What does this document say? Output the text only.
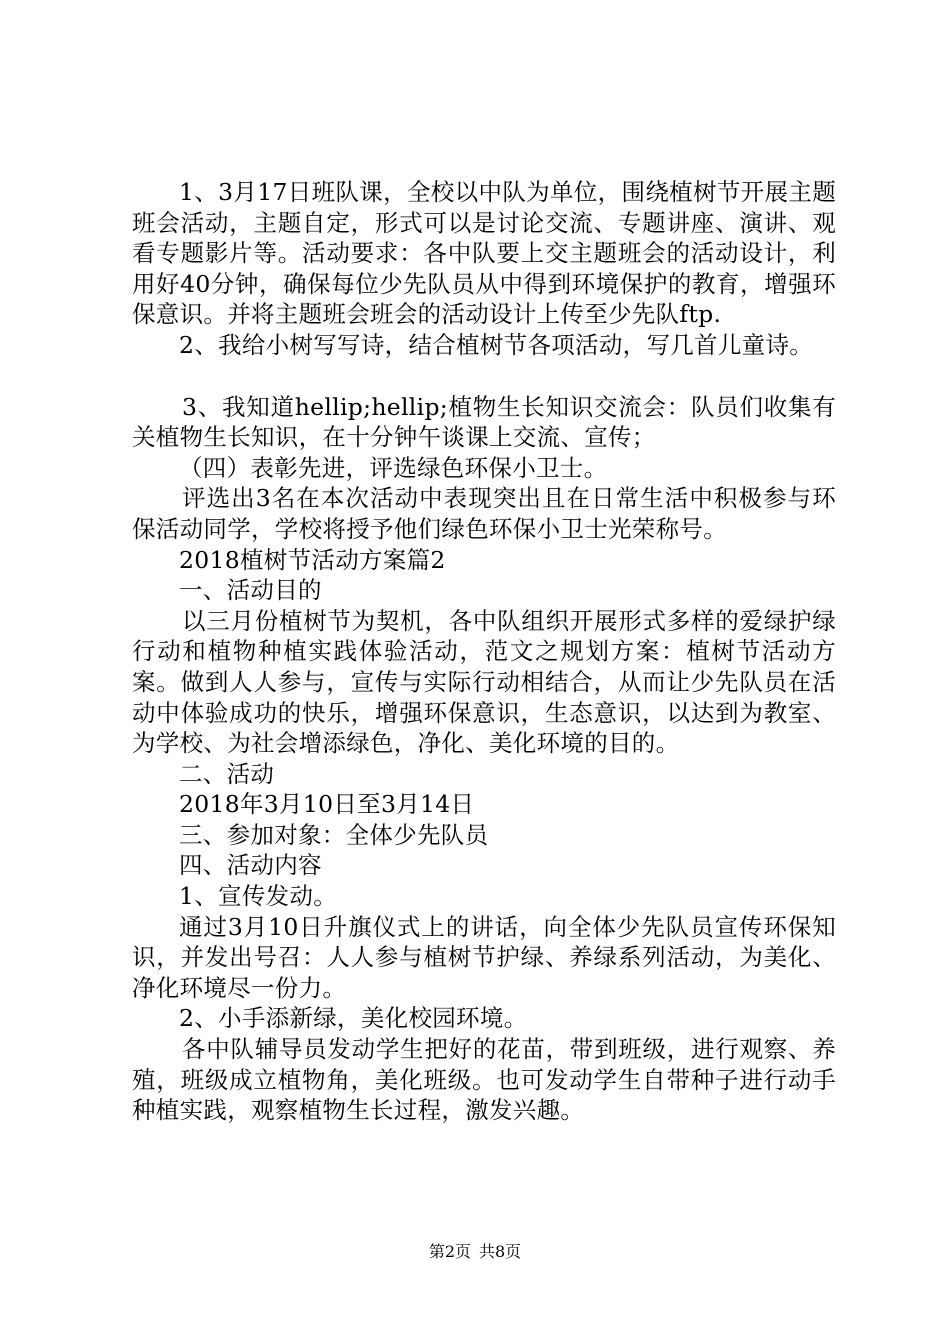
1、3月17日班队课，全校以中队为单位，围绕植树节开展主题班会活动，主题自定，形式可以是讨论交流、专题讲座、演讲、观看专题影片等。活动要求：各中队要上交主题班会的活动设计，利用好40分钟，确保每位少先队员从中得到环境保护的教育，增强环保意识。并将主题班会班会的活动设计上传至少先队ftp.

2、我给小树写写诗，结合植树节各项活动，写几首儿童诗。

3、我知道hellip;hellip;植物生长知识交流会：队员们收集有关植物生长知识，在十分钟午谈课上交流、宣传；

（四）表彰先进，评选绿色环保小卫士。

评选出3名在本次活动中表现突出且在日常生活中积极参与环保活动同学，学校将授予他们绿色环保小卫士光荣称号。

2018植树节活动方案篇2

一、活动目的

以三月份植树节为契机，各中队组织开展形式多样的爱绿护绿行动和植物种植实践体验活动，范文之规划方案：植树节活动方案。做到人人参与，宣传与实际行动相结合，从而让少先队员在活动中体验成功的快乐，增强环保意识，生态意识，以达到为教室、为学校、为社会增添绿色，净化、美化环境的目的。

二、活动

2018年3月10日至3月14日

三、参加对象：全体少先队员

四、活动内容

1、宣传发动。

通过3月10日升旗仪式上的讲话，向全体少先队员宣传环保知识，并发出号召：人人参与植树节护绿、养绿系列活动，为美化、净化环境尽一份力。

2、小手添新绿，美化校园环境。

各中队辅导员发动学生把好的花苗，带到班级，进行观察、养殖，班级成立植物角，美化班级。也可发动学生自带种子进行动手种植实践，观察植物生长过程，激发兴趣。

第2页 共8页
